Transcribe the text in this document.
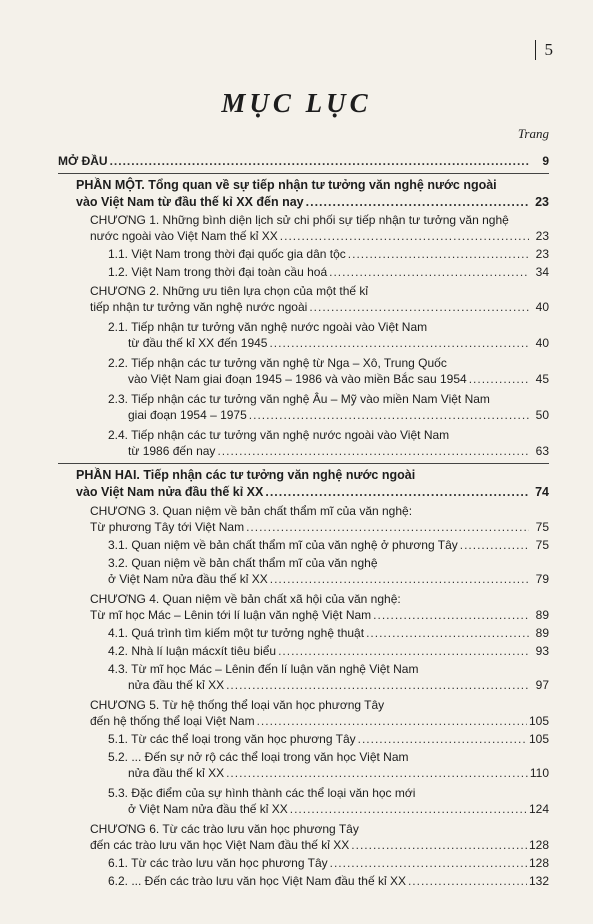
5
MỤC LỤC
Trang
MỞ ĐẦU .....	9
PHẦN MỘT. Tổng quan về sự tiếp nhận tư tưởng văn nghệ nước ngoài
vào Việt Nam từ đầu thế kỉ XX đến nay .....	23
CHƯƠNG 1. Những bình diện lịch sử chi phối sự tiếp nhận tư tưởng văn nghệ
nước ngoài vào Việt Nam thế kỉ XX .....	23
1.1. Việt Nam trong thời đại quốc gia dân tộc .....	23
1.2. Việt Nam trong thời đại toàn cầu hoá .....	34
CHƯƠNG 2. Những ưu tiên lựa chọn của một thế kỉ
tiếp nhận tư tưởng văn nghệ nước ngoài .....	40
2.1. Tiếp nhận tư tưởng văn nghệ nước ngoài vào Việt Nam
từ đầu thế kỉ XX đến 1945 .....	40
2.2. Tiếp nhận các tư tưởng văn nghệ từ Nga – Xô, Trung Quốc
vào Việt Nam giai đoạn 1945 – 1986 và vào miền Bắc sau 1954 .....	45
2.3. Tiếp nhận các tư tưởng văn nghệ Âu – Mỹ vào miền Nam Việt Nam
giai đoạn 1954 – 1975 .....	50
2.4. Tiếp nhận các tư tưởng văn nghệ nước ngoài vào Việt Nam
từ 1986 đến nay .....	63
PHẦN HAI. Tiếp nhận các tư tưởng văn nghệ nước ngoài
vào Việt Nam nửa đầu thế kỉ XX .....	74
CHƯƠNG 3. Quan niệm về bản chất thẩm mĩ của văn nghệ:
Từ phương Tây tới Việt Nam .....	75
3.1. Quan niệm về bản chất thẩm mĩ của văn nghệ ở phương Tây .....	75
3.2. Quan niệm về bản chất thẩm mĩ của văn nghệ
ở Việt Nam nửa đầu thế kỉ XX .....	79
CHƯƠNG 4. Quan niệm về bản chất xã hội của văn nghệ:
Từ mĩ học Mác – Lênin tới lí luận văn nghệ Việt Nam .....	89
4.1. Quá trình tìm kiếm một tư tưởng nghệ thuật .....	89
4.2. Nhà lí luận mácxít tiêu biểu .....	93
4.3. Từ mĩ học Mác – Lênin đến lí luận văn nghệ Việt Nam
nửa đầu thế kỉ XX .....	97
CHƯƠNG 5. Từ hệ thống thể loại văn học phương Tây
đến hệ thống thể loại Việt Nam .....	105
5.1. Từ các thể loại trong văn học phương Tây .....	105
5.2. ... Đến sự nở rộ các thể loại trong văn học Việt Nam
nửa đầu thế kỉ XX .....	110
5.3. Đặc điểm của sự hình thành các thể loại văn học mới
ở Việt Nam nửa đầu thế kỉ XX .....	124
CHƯƠNG 6. Từ các trào lưu văn học phương Tây
đến các trào lưu văn học Việt Nam đầu thế kỉ XX .....	128
6.1. Từ các trào lưu văn học phương Tây .....	128
6.2. ... Đến các trào lưu văn học Việt Nam đầu thế kỉ XX .....	132
